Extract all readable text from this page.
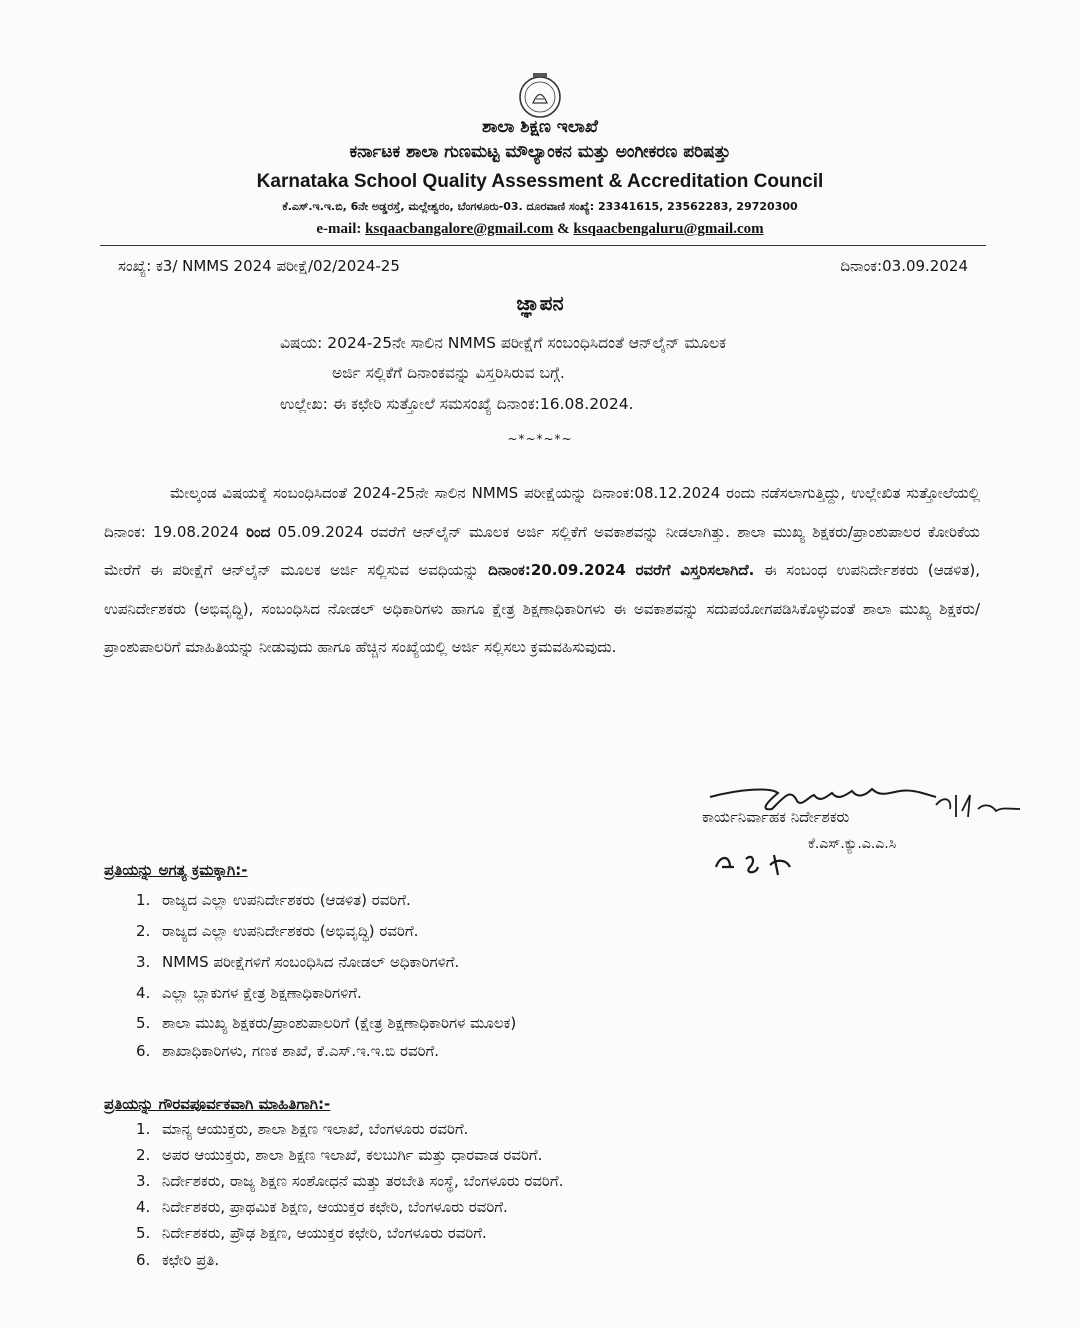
ಶಾಲಾ ಶಿಕ್ಷಣ ಇಲಾಖೆ
ಕರ್ನಾಟಕ ಶಾಲಾ ಗುಣಮಟ್ಟ ಮೌಲ್ಯಾಂಕನ ಮತ್ತು ಅಂಗೀಕರಣ ಪರಿಷತ್ತು
Karnataka School Quality Assessment & Accreditation Council
ಕೆ.ಎಸ್.ಇ.ಇ.ಬಿ, 6ನೇ ಅಡ್ಡರಸ್ತೆ, ಮಲ್ಲೇಶ್ವರಂ, ಬೆಂಗಳೂರು-03. ದೂರವಾಣಿ ಸಂಖ್ಯೆ: 23341615, 23562283, 29720300
e-mail: ksqaacbangalore@gmail.com & ksqaacbengaluru@gmail.com
ಸಂಖ್ಯೆ: ಕ3/ NMMS 2024 ಪರೀಕ್ಷೆ/02/2024-25	ದಿನಾಂಕ:03.09.2024
ಜ್ಞಾಪನ
ವಿಷಯ: 2024-25ನೇ ಸಾಲಿನ NMMS ಪರೀಕ್ಷೆಗೆ ಸಂಬಂಧಿಸಿದಂತೆ ಆನ್‌ಲೈನ್ ಮೂಲಕ
ಅರ್ಜಿ ಸಲ್ಲಿಕೆಗೆ ದಿನಾಂಕವನ್ನು ವಿಸ್ತರಿಸಿರುವ ಬಗ್ಗೆ.
ಉಲ್ಲೇಖ: ಈ ಕಛೇರಿ ಸುತ್ತೋಲೆ ಸಮಸಂಖ್ಯೆ ದಿನಾಂಕ:16.08.2024.
~*~*~*~
ಮೇಲ್ಕಂಡ ವಿಷಯಕ್ಕೆ ಸಂಬಂಧಿಸಿದಂತೆ 2024-25ನೇ ಸಾಲಿನ NMMS ಪರೀಕ್ಷೆಯನ್ನು ದಿನಾಂಕ:08.12.2024 ರಂದು ನಡೆಸಲಾಗುತ್ತಿದ್ದು, ಉಲ್ಲೇಖಿತ ಸುತ್ತೋಲೆಯಲ್ಲಿ ದಿನಾಂಕ: 19.08.2024 ರಿಂದ 05.09.2024 ರವರೆಗೆ ಆನ್‌ಲೈನ್ ಮೂಲಕ ಅರ್ಜಿ ಸಲ್ಲಿಕೆಗೆ ಅವಕಾಶವನ್ನು ನೀಡಲಾಗಿತ್ತು. ಶಾಲಾ ಮುಖ್ಯ ಶಿಕ್ಷಕರು/ಪ್ರಾಂಶುಪಾಲರ ಕೋರಿಕೆಯ ಮೇರೆಗೆ ಈ ಪರೀಕ್ಷೆಗೆ ಆನ್‌ಲೈನ್ ಮೂಲಕ ಅರ್ಜಿ ಸಲ್ಲಿಸುವ ಅವಧಿಯನ್ನು ದಿನಾಂಕ:20.09.2024 ರವರೆಗೆ ವಿಸ್ತರಿಸಲಾಗಿದೆ. ಈ ಸಂಬಂಧ ಉಪನಿರ್ದೇಶಕರು (ಆಡಳಿತ), ಉಪನಿರ್ದೇಶಕರು (ಅಭಿವೃದ್ಧಿ), ಸಂಬಂಧಿಸಿದ ನೋಡಲ್ ಅಧಿಕಾರಿಗಳು ಹಾಗೂ ಕ್ಷೇತ್ರ ಶಿಕ್ಷಣಾಧಿಕಾರಿಗಳು ಈ ಅವಕಾಶವನ್ನು ಸದುಪಯೋಗಪಡಿಸಿಕೊಳ್ಳುವಂತೆ ಶಾಲಾ ಮುಖ್ಯ ಶಿಕ್ಷಕರು/ಪ್ರಾಂಶುಪಾಲರಿಗೆ ಮಾಹಿತಿಯನ್ನು ನೀಡುವುದು ಹಾಗೂ ಹೆಚ್ಚಿನ ಸಂಖ್ಯೆಯಲ್ಲಿ ಅರ್ಜಿ ಸಲ್ಲಿಸಲು ಕ್ರಮವಹಿಸುವುದು.
ಕಾರ್ಯನಿರ್ವಾಹಕ ನಿರ್ದೇಶಕರು
ಕೆ.ಎಸ್.ಕ್ಯು.ಎ.ಎ.ಸಿ
ಪ್ರತಿಯನ್ನು ಅಗತ್ಯ ಕ್ರಮಕ್ಕಾಗಿ:-
1. ರಾಜ್ಯದ ಎಲ್ಲಾ ಉಪನಿರ್ದೇಶಕರು (ಆಡಳಿತ) ರವರಿಗೆ.
2. ರಾಜ್ಯದ ಎಲ್ಲಾ ಉಪನಿರ್ದೇಶಕರು (ಅಭಿವೃದ್ಧಿ) ರವರಿಗೆ.
3. NMMS ಪರೀಕ್ಷೆಗಳಿಗೆ ಸಂಬಂಧಿಸಿದ ನೋಡಲ್ ಅಧಿಕಾರಿಗಳಿಗೆ.
4. ಎಲ್ಲಾ ಬ್ಲಾಕುಗಳ ಕ್ಷೇತ್ರ ಶಿಕ್ಷಣಾಧಿಕಾರಿಗಳಿಗೆ.
5. ಶಾಲಾ ಮುಖ್ಯ ಶಿಕ್ಷಕರು/ಪ್ರಾಂಶುಪಾಲರಿಗೆ (ಕ್ಷೇತ್ರ ಶಿಕ್ಷಣಾಧಿಕಾರಿಗಳ ಮೂಲಕ)
6. ಶಾಖಾಧಿಕಾರಿಗಳು, ಗಣಕ ಶಾಖೆ, ಕೆ.ಎಸ್.ಇ.ಇ.ಬಿ ರವರಿಗೆ.
ಪ್ರತಿಯನ್ನು ಗೌರವಪೂರ್ವಕವಾಗಿ ಮಾಹಿತಿಗಾಗಿ:-
1. ಮಾನ್ಯ ಆಯುಕ್ತರು, ಶಾಲಾ ಶಿಕ್ಷಣ ಇಲಾಖೆ, ಬೆಂಗಳೂರು ರವರಿಗೆ.
2. ಅಪರ ಆಯುಕ್ತರು, ಶಾಲಾ ಶಿಕ್ಷಣ ಇಲಾಖೆ, ಕಲಬುರ್ಗಿ ಮತ್ತು ಧಾರವಾಡ ರವರಿಗೆ.
3. ನಿರ್ದೇಶಕರು, ರಾಜ್ಯ ಶಿಕ್ಷಣ ಸಂಶೋಧನೆ ಮತ್ತು ತರಬೇತಿ ಸಂಸ್ಥೆ, ಬೆಂಗಳೂರು ರವರಿಗೆ.
4. ನಿರ್ದೇಶಕರು, ಪ್ರಾಥಮಿಕ ಶಿಕ್ಷಣ, ಆಯುಕ್ತರ ಕಛೇರಿ, ಬೆಂಗಳೂರು ರವರಿಗೆ.
5. ನಿರ್ದೇಶಕರು, ಪ್ರೌಢ ಶಿಕ್ಷಣ, ಆಯುಕ್ತರ ಕಛೇರಿ, ಬೆಂಗಳೂರು ರವರಿಗೆ.
6. ಕಛೇರಿ ಪ್ರತಿ.
